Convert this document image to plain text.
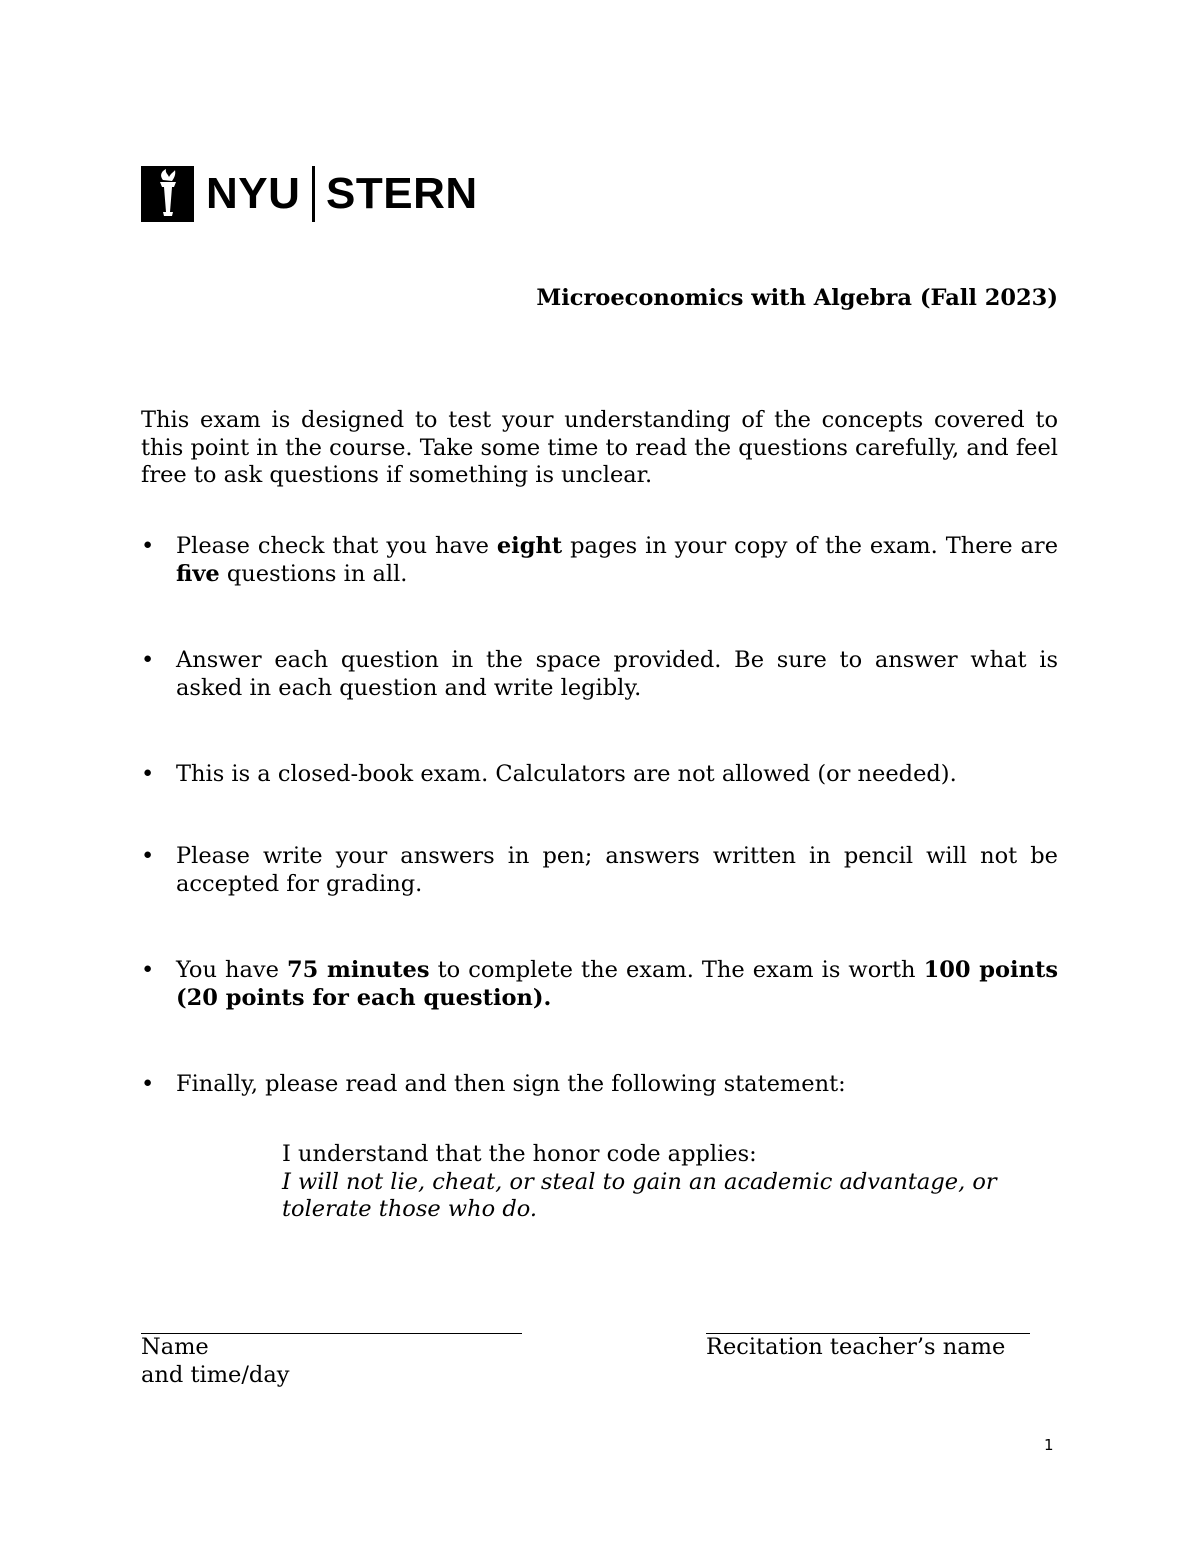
NYU STERN
Microeconomics with Algebra (Fall 2023)
This exam is designed to test your understanding of the concepts covered to this point in the course. Take some time to read the questions carefully, and feel free to ask questions if something is unclear.
•
Please check that you have eight pages in your copy of the exam. There are five questions in all.
•
Answer each question in the space provided. Be sure to answer what is asked in each question and write legibly.
•
This is a closed-book exam. Calculators are not allowed (or needed).
•
Please write your answers in pen; answers written in pencil will not be accepted for grading.
•
You have 75 minutes to complete the exam. The exam is worth 100 points (20 points for each question).
•
Finally, please read and then sign the following statement:
I understand that the honor code applies:
I will not lie, cheat, or steal to gain an academic advantage, or tolerate those who do.
Name
and time/day
Recitation teacher’s name
1
